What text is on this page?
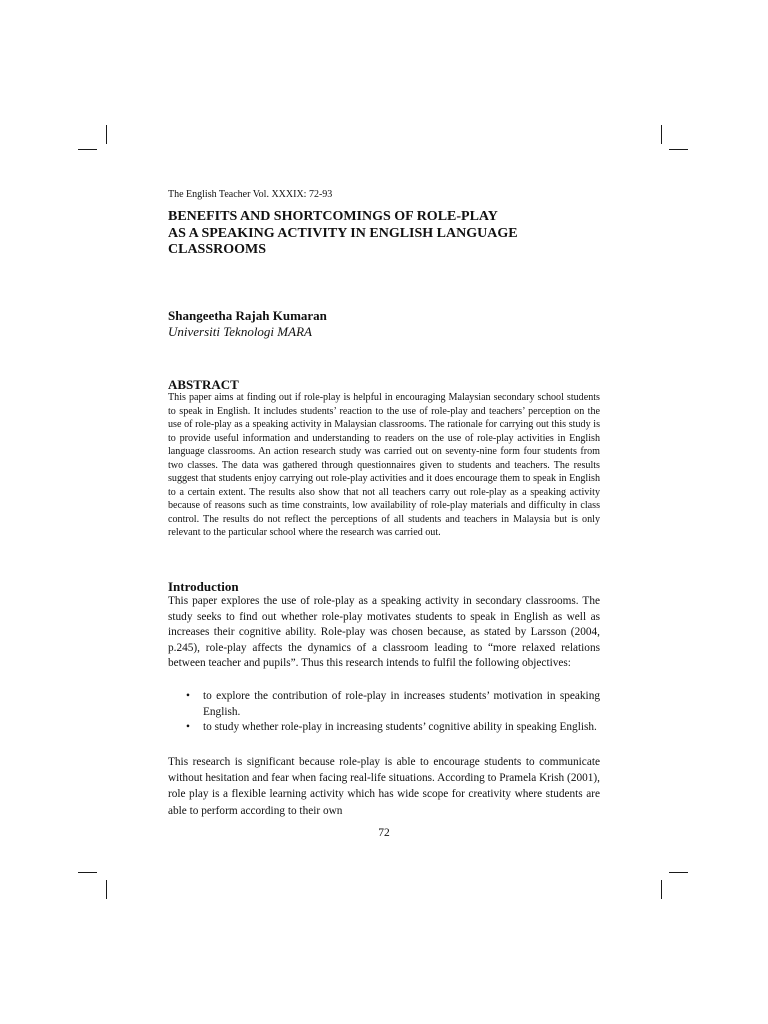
The English Teacher Vol. XXXIX: 72-93
BENEFITS AND SHORTCOMINGS OF ROLE-PLAY
AS A SPEAKING ACTIVITY IN ENGLISH LANGUAGE
CLASSROOMS
Shangeetha Rajah Kumaran
Universiti Teknologi MARA
ABSTRACT
This paper aims at finding out if role-play is helpful in encouraging Malaysian secondary school students to speak in English. It includes students’ reaction to the use of role-play and teachers’ perception on the use of role-play as a speaking activity in Malaysian classrooms. The rationale for carrying out this study is to provide useful information and understanding to readers on the use of role-play activities in English language classrooms. An action research study was carried out on seventy-nine form four students from two classes. The data was gathered through questionnaires given to students and teachers. The results suggest that students enjoy carrying out role-play activities and it does encourage them to speak in English to a certain extent. The results also show that not all teachers carry out role-play as a speaking activity because of reasons such as time constraints, low availability of role-play materials and difficulty in class control. The results do not reflect the perceptions of all students and teachers in Malaysia but is only relevant to the particular school where the research was carried out.
Introduction
This paper explores the use of role-play as a speaking activity in secondary classrooms. The study seeks to find out whether role-play motivates students to speak in English as well as increases their cognitive ability. Role-play was chosen because, as stated by Larsson (2004, p.245), role-play affects the dynamics of a classroom leading to “more relaxed relations between teacher and pupils”. Thus this research intends to fulfil the following objectives:
• to explore the contribution of role-play in increases students’ motivation in speaking English.
• to study whether role-play in increasing students’ cognitive ability in speaking English.
This research is significant because role-play is able to encourage students to communicate without hesitation and fear when facing real-life situations. According to Pramela Krish (2001), role play is a flexible learning activity which has wide scope for creativity where students are able to perform according to their own
72
